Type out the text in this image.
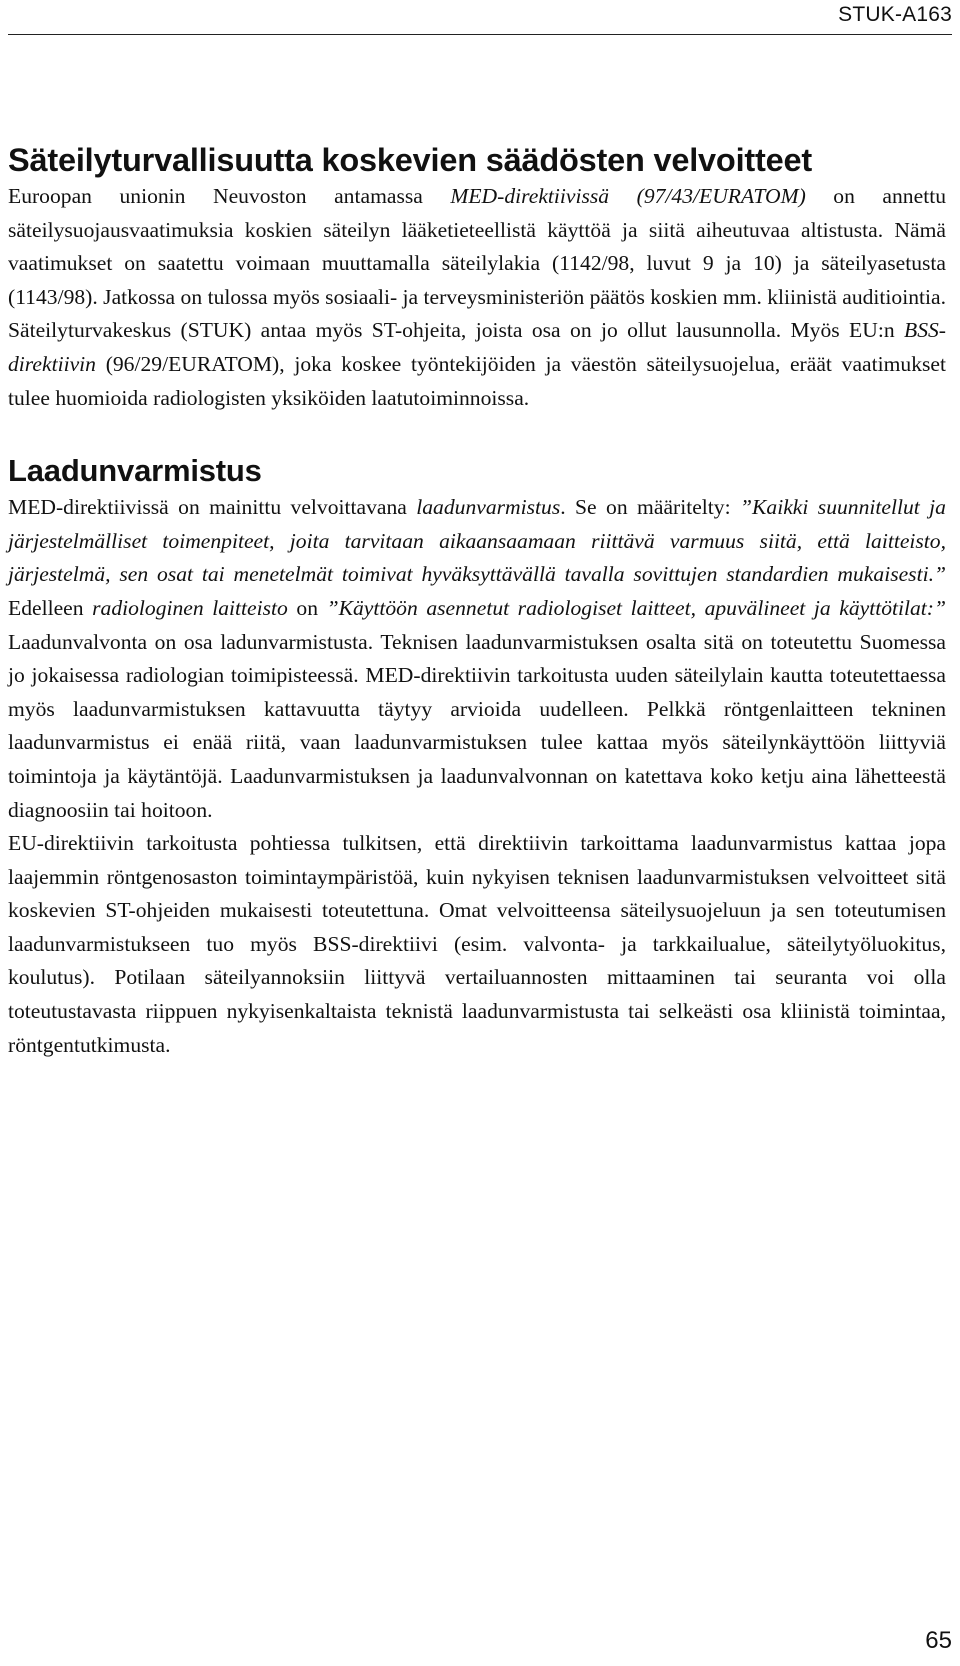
STUK-A163
Säteilyturvallisuutta koskevien säädösten velvoitteet

Euroopan unionin Neuvoston antamassa MED-direktiivissä (97/43/EURATOM) on annettu säteilysuojausvaatimuksia koskien säteilyn lääketieteellistä käyttöä ja siitä aiheutuvaa altistusta. Nämä vaatimukset on saatettu voimaan muuttamalla säteilylakia (1142/98, luvut 9 ja 10) ja säteilyasetusta (1143/98). Jatkossa on tulossa myös sosiaali- ja terveysministeriön päätös koskien mm. kliinistä auditiointia. Säteilyturvakeskus (STUK) antaa myös ST-ohjeita, joista osa on jo ollut lausunnolla. Myös EU:n BSS-direktiivin (96/29/EURATOM), joka koskee työntekijöiden ja väestön säteilysuojelua, eräät vaatimukset tulee huomioida radiologisten yksiköiden laatutoiminnoissa.

Laadunvarmistus

MED-direktiivissä on mainittu velvoittavana laadunvarmistus. Se on määritelty: ”Kaikki suunnitellut ja järjestelmälliset toimenpiteet, joita tarvitaan aikaansaamaan riittävä varmuus siitä, että laitteisto, järjestelmä, sen osat tai menetelmät toimivat hyväksyttävällä tavalla sovittujen standardien mukaisesti.” Edelleen radiologinen laitteisto on ”Käyttöön asennetut radiologiset laitteet, apuvälineet ja käyttötilat:” Laadunvalvonta on osa ladunvarmistusta. Teknisen laadunvarmistuksen osalta sitä on toteutettu Suomessa jo jokaisessa radiologian toimipisteessä. MED-direktiivin tarkoitusta uuden säteilylain kautta toteutettaessa myös laadunvarmistuksen kattavuutta täytyy arvioida uudelleen. Pelkkä röntgenlaitteen tekninen laadunvarmistus ei enää riitä, vaan laadunvarmistuksen tulee kattaa myös säteilynkäyttöön liittyviä toimintoja ja käytäntöjä. Laadunvarmistuksen ja laadunvalvonnan on katettava koko ketju aina lähetteestä diagnoosiin tai hoitoon.

EU-direktiivin tarkoitusta pohtiessa tulkitsen, että direktiivin tarkoittama laadunvarmistus kattaa jopa laajemmin röntgenosaston toimintaympäristöä, kuin nykyisen teknisen laadunvarmistuksen velvoitteet sitä koskevien ST-ohjeiden mukaisesti toteutettuna. Omat velvoitteensa säteilysuojeluun ja sen toteutumisen laadunvarmistukseen tuo myös BSS-direktiivi (esim. valvonta- ja tarkkailualue, säteilytyöluokitus, koulutus). Potilaan säteilyannoksiin liittyvä vertailuannosten mittaaminen tai seuranta voi olla toteutustavasta riippuen nykyisenkaltaista teknistä laadunvarmistusta tai selkeästi osa kliinistä toimintaa, röntgentutkimusta.

65
